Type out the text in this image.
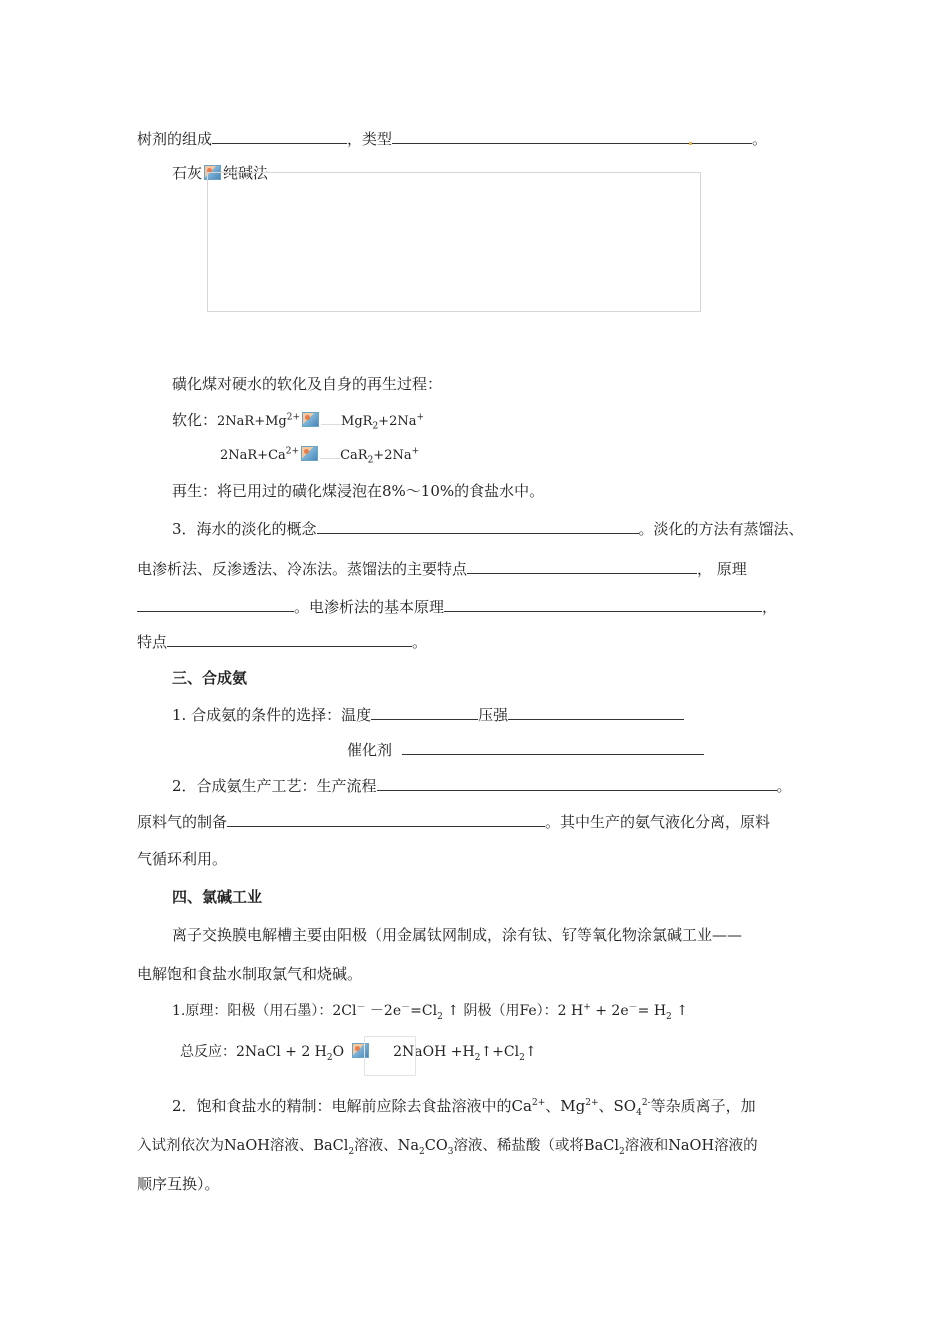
树剂的组成	，类型	。
石灰 纯碱法
磺化煤对硬水的软化及自身的再生过程：
软化：$2NaR+Mg^{2+}$	MgR$_2$+2Na+
$2NaR+Ca^{2+}$	CaR$_2$+2Na+
再生：将已用过的磺化煤浸泡在8%～10%的食盐水中。
3．海水的淡化的概念	。淡化的方法有蒸馏法、
电渗析法、反渗透法、冷冻法。蒸馏法的主要特点	， 原理
。电渗析法的基本原理	，
特点	。
三、合成氨
1. 合成氨的条件的选择：温度	压强
催化剂
2．合成氨生产工艺：生产流程	。
原料气的制备	。其中生产的氨气液化分离，原料
气循环利用。
四、氯碱工业
离子交换膜电解槽主要由阳极（用金属钛网制成，涂有钛、钌等氧化物涂氯碱工业——
电解饱和食盐水制取氯气和烧碱。
1.原理：阳极（用石墨）：$2Cl^- -2e^-=Cl_2$ ↑ 阴极（用Fe）：2 $H^+ + 2e^-= H_2$ ↑
总反应：2NaCl + 2 $H_2O$	2NaOH $+H_2↑+Cl_2↑$
2．饱和食盐水的精制：电解前应除去食盐溶液中的$Ca^{2+}$、$Mg^{2+}$、$SO_4^{2-}$等杂质离子，加
入试剂依次为NaOH溶液、BaCl$_2$溶液、$Na_2CO_3$溶液、稀盐酸（或将BaCl$_2$溶液和NaOH溶液的
顺序互换）。
